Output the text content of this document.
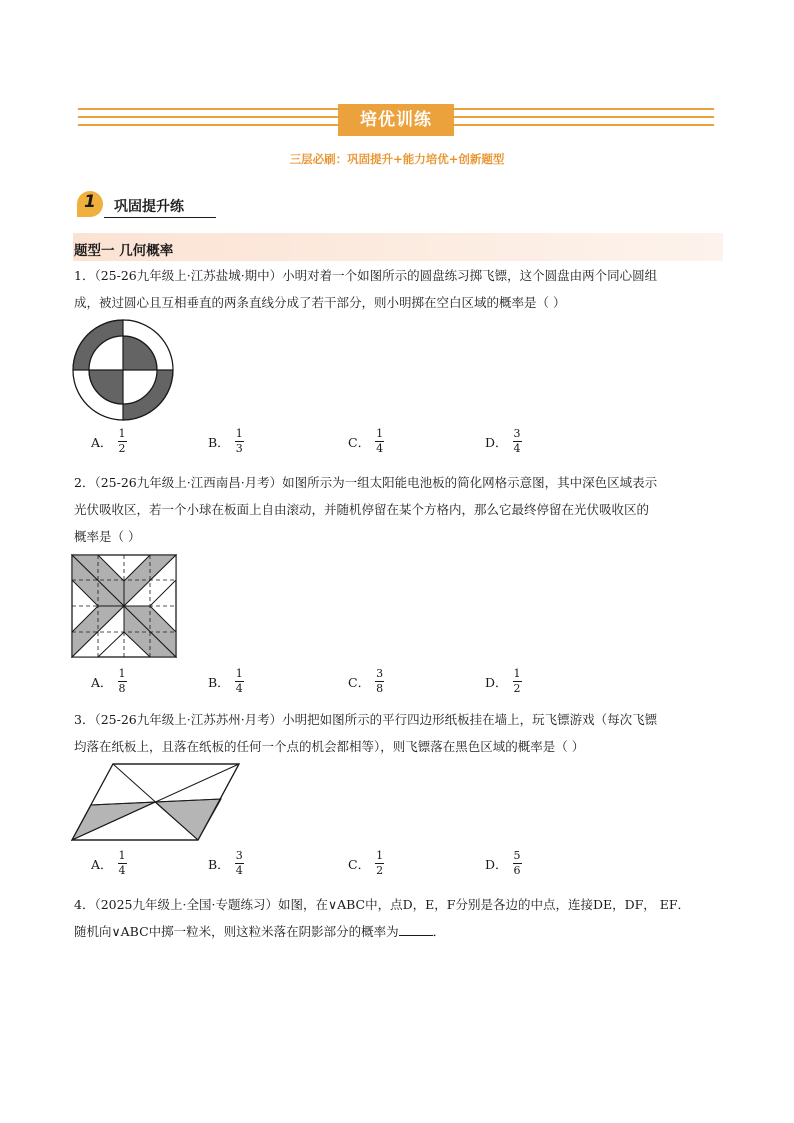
培优训练
三层必刷：巩固提升+能力培优+创新题型
1 巩固提升练
题型一 几何概率
1．（25-26九年级上·江苏盐城·期中）小明对着一个如图所示的圆盘练习掷飞镖，这个圆盘由两个同心圆组
成，被过圆心且互相垂直的两条直线分成了若干部分，则小明掷在空白区域的概率是（ ）
A． $\frac{1}{2}$	B． $\frac{1}{3}$	C． $\frac{1}{4}$	D． $\frac{3}{4}$
2．（25-26九年级上·江西南昌·月考）如图所示为一组太阳能电池板的简化网格示意图，其中深色区域表示
光伏吸收区，若一个小球在板面上自由滚动，并随机停留在某个方格内，那么它最终停留在光伏吸收区的
概率是（ ）
A． $\frac{1}{8}$	B． $\frac{1}{4}$	C． $\frac{3}{8}$	D． $\frac{1}{2}$
3．（25-26九年级上·江苏苏州·月考）小明把如图所示的平行四边形纸板挂在墙上，玩飞镖游戏（每次飞镖
均落在纸板上，且落在纸板的任何一个点的机会都相等），则飞镖落在黑色区域的概率是（ ）
A． $\frac{1}{4}$	B． $\frac{3}{4}$	C． $\frac{1}{2}$	D． $\frac{5}{6}$
4．（2025九年级上·全国·专题练习）如图，在∨ABC中，点D，E，F分别是各边的中点，连接DE，DF， EF．
随机向∨ABC中掷一粒米，则这粒米落在阴影部分的概率为	．
